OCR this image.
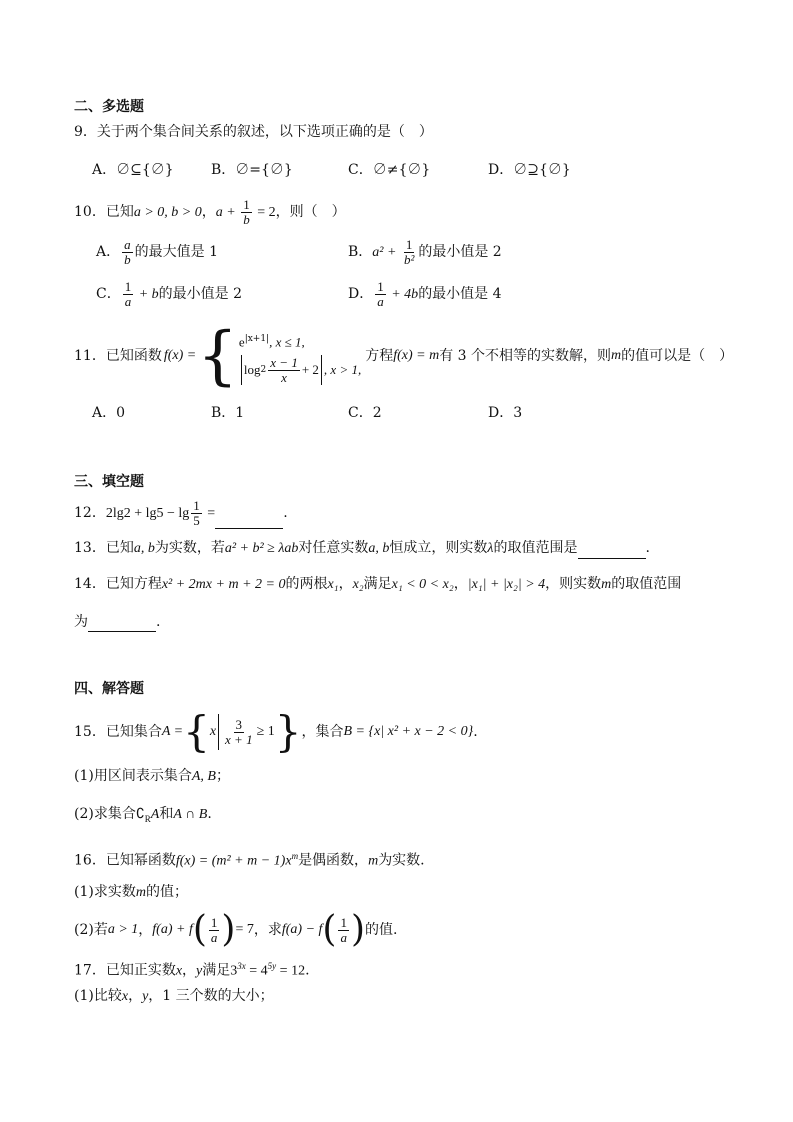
二、多选题
9．关于两个集合间关系的叙述，以下选项正确的是（　）
A．∅⊆{∅}	B．∅={∅}	C．∅≠{∅}	D．∅⊇{∅}
10．已知a > 0, b > 0，$a + \frac{1}{b} = 2$，则（　）
A． $\frac{a}{b}$ 的最大值是 1	B．$a^2 + \frac{1}{\text{b²}}$ 的最小值是 2
C． $\frac{1}{a} + b$的最小值是 2	D． $\frac{1}{a} + 4b$的最小值是 4
11．已知函数 f(x) = { $e^{|x+1|}$, x ≤ 1,
$\log 2 \frac{x - 1}{x} + 2$ , x > 1,
方程 f(x) = m 有 3 个不相等的实数解，则 m 的值可以是（　）
A．0	B．1	C．2	D．3
三、填空题
12．$2\lg 2 + \lg 5 - \lg \frac{1}{5}$ =	.
13．已知a, b为实数，若a² + b² ≥ λab对任意实数a, b恒成立，则实数λ的取值范围是	.
14．已知方程x² + 2mx + m + 2 = 0的两根x₁，x₂满足x₁ < 0 < x₂，|x₁| + |x₂| > 4，则实数m的取值范围
为	.
四、解答题
15．已知集合 A = { x $\frac{3}{x + 1} \ge 1$ } ，集合 B = {x| x² + x − 2 < 0} .
(1)用区间表示集合A, B；
(2)求集合$∁_RA$和A ∩ B.
16．已知幂函数$f(x) = (m^2 + m - 1)x^m$是偶函数，m为实数.
(1)求实数m的值；
(2)若 a > 1 ， f(a) + f ( $\frac{1}{a}$ ) = 7 ，求 f(a) − f ( $\frac{1}{a}$ ) 的值.
17．已知正实数x，y满足$3^{3x} = 4^{5y} = 12$.
(1)比较x，y，1 三个数的大小；
